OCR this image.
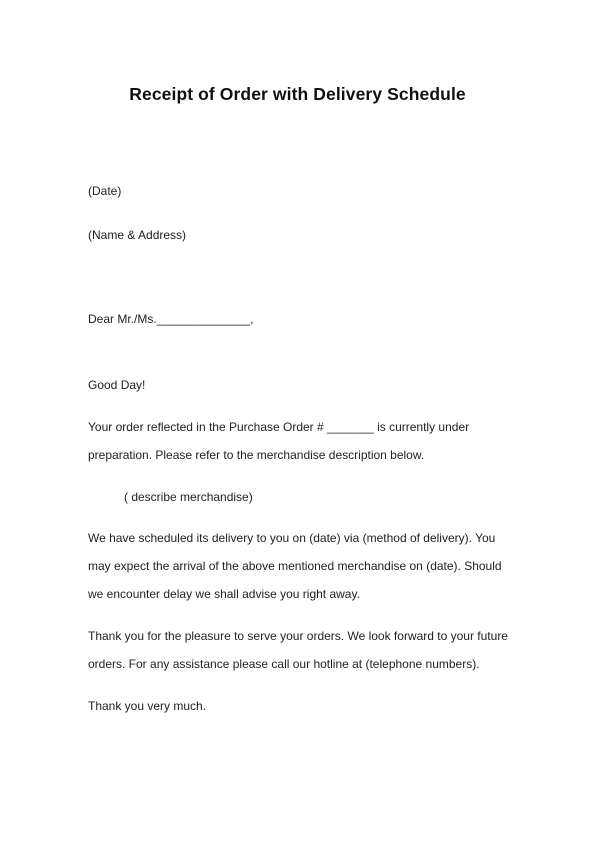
Receipt of Order with Delivery Schedule
(Date)
(Name & Address)
Dear Mr./Ms.______________,
Good Day!
Your order reflected in the Purchase Order # _______ is currently under
preparation. Please refer to the merchandise description below.
( describe merchandise)
We have scheduled its delivery to you on (date) via (method of delivery). You
may expect the arrival of the above mentioned merchandise on (date). Should
we encounter delay we shall advise you right away.
Thank you for the pleasure to serve your orders. We look forward to your future
orders. For any assistance please call our hotline at (telephone numbers).
Thank you very much.
